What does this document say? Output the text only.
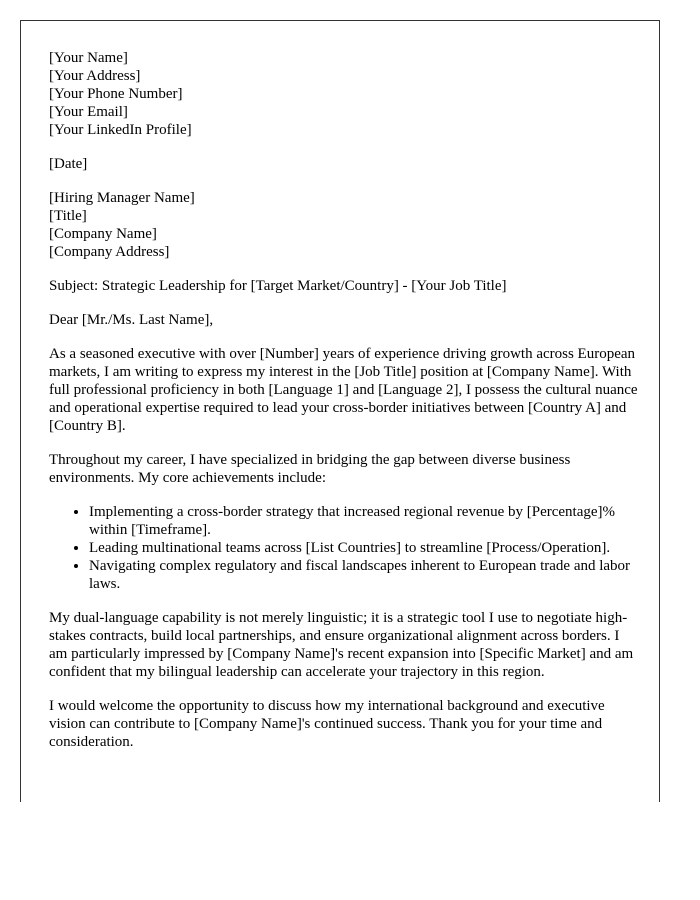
[Your Name]
[Your Address]
[Your Phone Number]
[Your Email]
[Your LinkedIn Profile]
[Date]
[Hiring Manager Name]
[Title]
[Company Name]
[Company Address]

Subject: Strategic Leadership for [Target Market/Country] - [Your Job Title]

Dear [Mr./Ms. Last Name],

As a seasoned executive with over [Number] years of experience driving growth across European markets, I am writing to express my interest in the [Job Title] position at [Company Name]. With full professional proficiency in both [Language 1] and [Language 2], I possess the cultural nuance and operational expertise required to lead your cross-border initiatives between [Country A] and [Country B].

Throughout my career, I have specialized in bridging the gap between diverse business environments. My core achievements include:

• Implementing a cross-border strategy that increased regional revenue by [Percentage]% within [Timeframe].
• Leading multinational teams across [List Countries] to streamline [Process/Operation].
• Navigating complex regulatory and fiscal landscapes inherent to European trade and labor laws.

My dual-language capability is not merely linguistic; it is a strategic tool I use to negotiate high-stakes contracts, build local partnerships, and ensure organizational alignment across borders. I am particularly impressed by [Company Name]'s recent expansion into [Specific Market] and am confident that my bilingual leadership can accelerate your trajectory in this region.

I would welcome the opportunity to discuss how my international background and executive vision can contribute to [Company Name]'s continued success. Thank you for your time and consideration.
